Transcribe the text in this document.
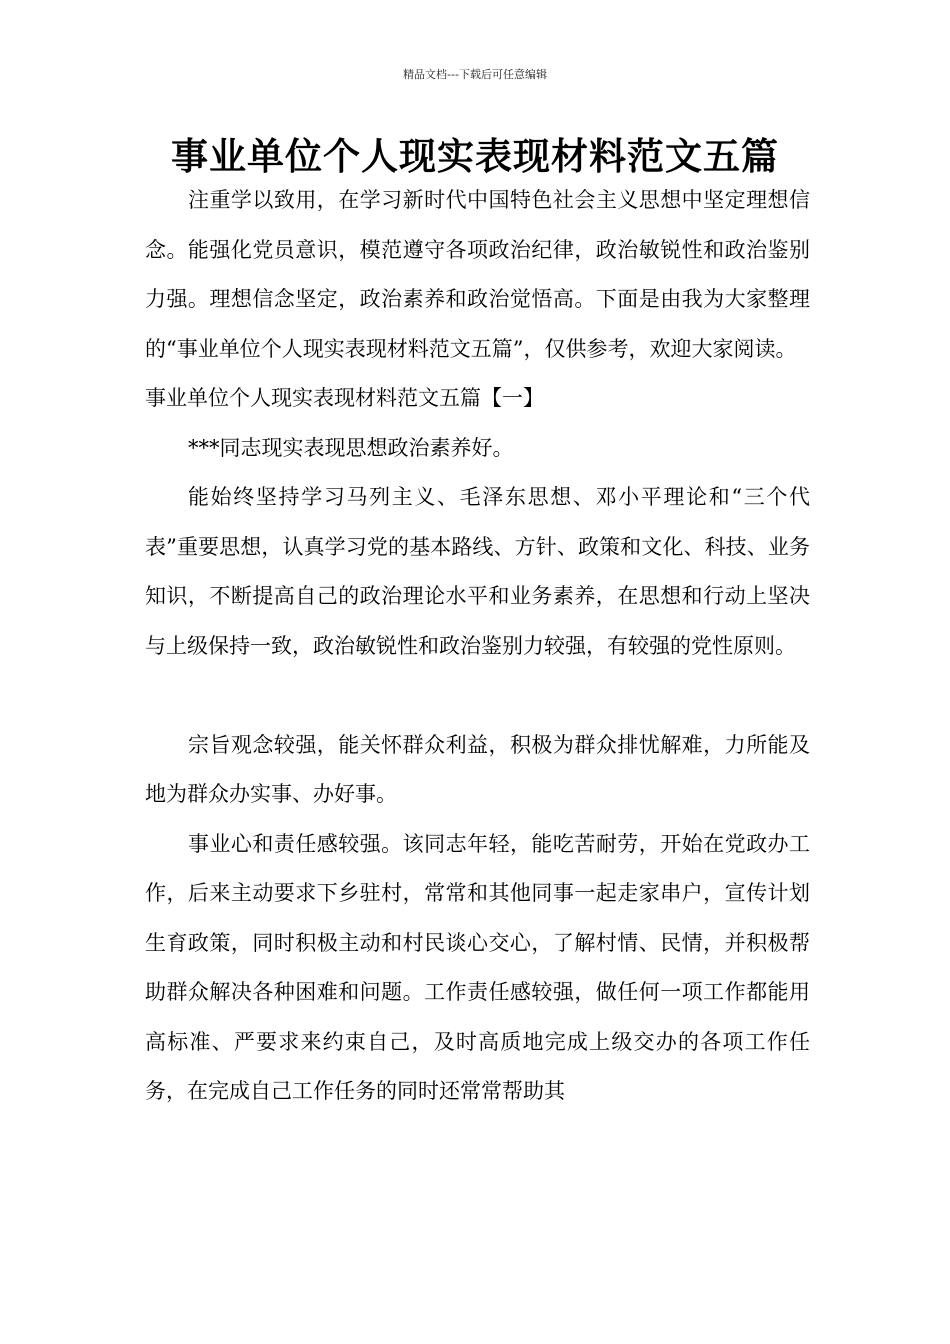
精品文档---下载后可任意编辑
事业单位个人现实表现材料范文五篇

注重学以致用，在学习新时代中国特色社会主义思想中坚定理想信念。能强化党员意识，模范遵守各项政治纪律，政治敏锐性和政治鉴别力强。理想信念坚定，政治素养和政治觉悟高。下面是由我为大家整理的“事业单位个人现实表现材料范文五篇”，仅供参考，欢迎大家阅读。

事业单位个人现实表现材料范文五篇【一】

***同志现实表现思想政治素养好。

能始终坚持学习马列主义、毛泽东思想、邓小平理论和“三个代表”重要思想，认真学习党的基本路线、方针、政策和文化、科技、业务知识，不断提高自己的政治理论水平和业务素养，在思想和行动上坚决与上级保持一致，政治敏锐性和政治鉴别力较强，有较强的党性原则。

宗旨观念较强，能关怀群众利益，积极为群众排忧解难，力所能及地为群众办实事、办好事。

事业心和责任感较强。该同志年轻，能吃苦耐劳，开始在党政办工作，后来主动要求下乡驻村，常常和其他同事一起走家串户，宣传计划生育政策，同时积极主动和村民谈心交心，了解村情、民情，并积极帮助群众解决各种困难和问题。工作责任感较强，做任何一项工作都能用高标准、严要求来约束自己，及时高质地完成上级交办的各项工作任务，在完成自己工作任务的同时还常常帮助其
